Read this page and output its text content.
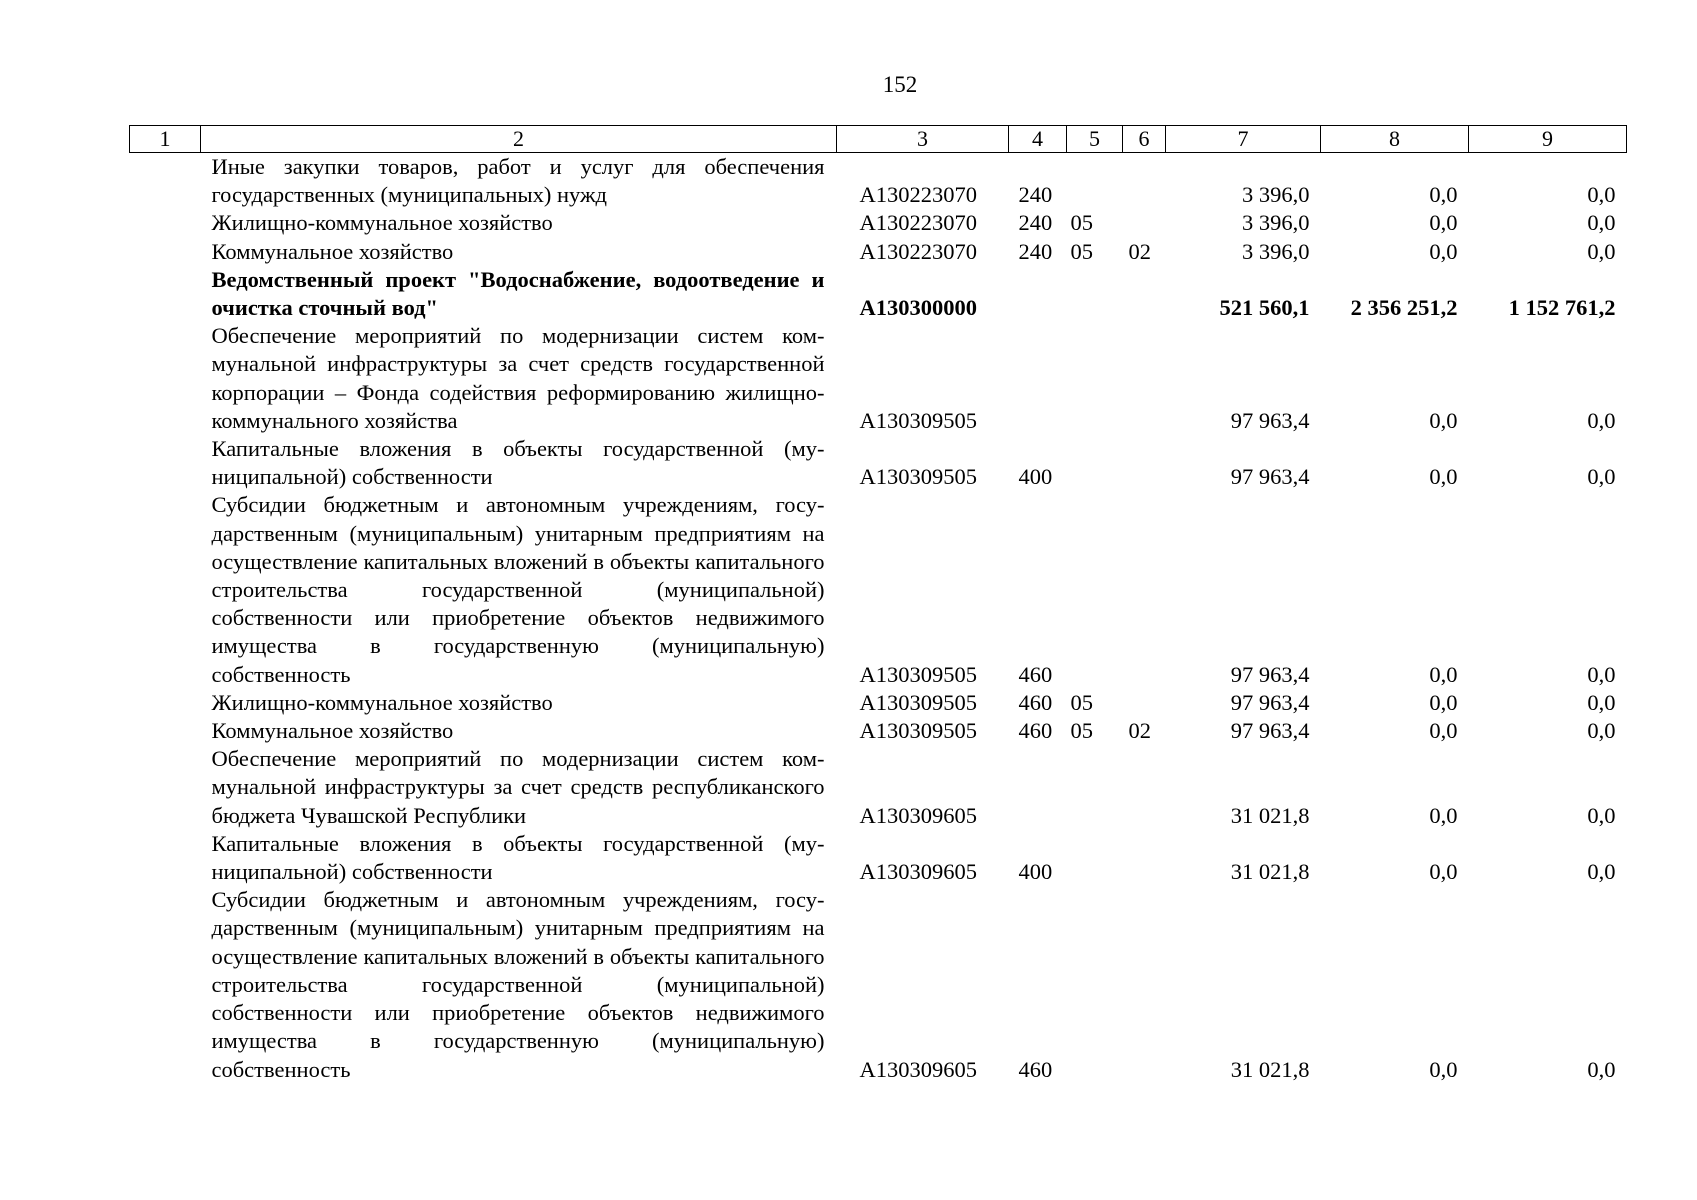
152
1	2	3	4	5	6	7	8	9
	Иные закупки товаров, работ и услуг для обеспечения государственных (муниципальных) нужд	А130223070	240			3 396,0	0,0	0,0
	Жилищно-коммунальное хозяйство	А130223070	240	05		3 396,0	0,0	0,0
	Коммунальное хозяйство	А130223070	240	05	02	3 396,0	0,0	0,0
	Ведомственный проект "Водоснабжение, водоотведение и очистка сточный вод"	А130300000				521 560,1	2 356 251,2	1 152 761,2
	Обеспечение мероприятий по модернизации систем коммунальной инфраструктуры за счет средств государственной корпорации – Фонда содействия реформированию жилищно-коммунального хозяйства	А130309505				97 963,4	0,0	0,0
	Капитальные вложения в объекты государственной (муниципальной) собственности	А130309505	400			97 963,4	0,0	0,0
	Субсидии бюджетным и автономным учреждениям, государственным (муниципальным) унитарным предприятиям на осуществление капитальных вложений в объекты капитального строительства государственной (муниципальной) собственности или приобретение объектов недвижимого имущества в государственную (муниципальную) собственность	А130309505	460			97 963,4	0,0	0,0
	Жилищно-коммунальное хозяйство	А130309505	460	05		97 963,4	0,0	0,0
	Коммунальное хозяйство	А130309505	460	05	02	97 963,4	0,0	0,0
	Обеспечение мероприятий по модернизации систем коммунальной инфраструктуры за счет средств республиканского бюджета Чувашской Республики	А130309605				31 021,8	0,0	0,0
	Капитальные вложения в объекты государственной (муниципальной) собственности	А130309605	400			31 021,8	0,0	0,0
	Субсидии бюджетным и автономным учреждениям, государственным (муниципальным) унитарным предприятиям на осуществление капитальных вложений в объекты капитального строительства государственной (муниципальной) собственности или приобретение объектов недвижимого имущества в государственную (муниципальную) собственность	А130309605	460			31 021,8	0,0	0,0
